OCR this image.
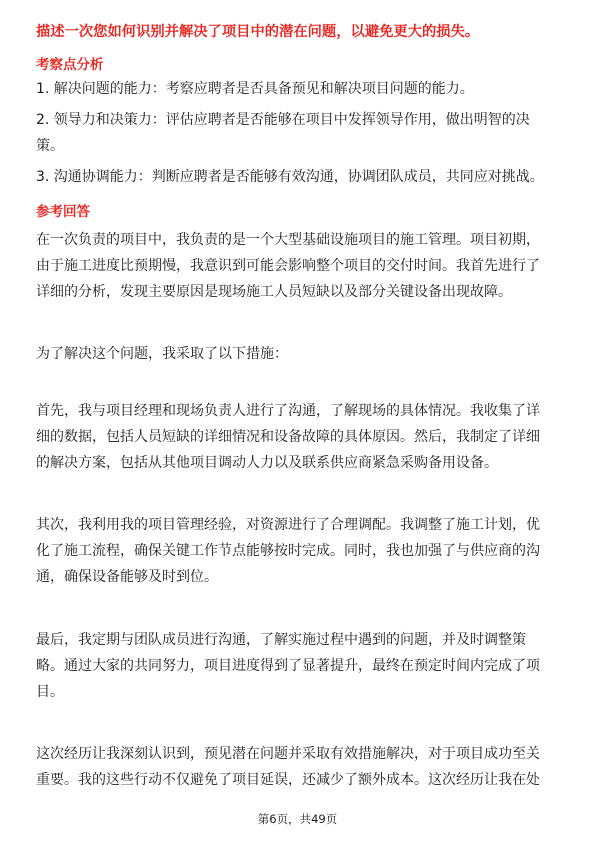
描述一次您如何识别并解决了项目中的潜在问题，以避免更大的损失。
考察点分析
1. 解决问题的能力：考察应聘者是否具备预见和解决项目问题的能力。
2. 领导力和决策力：评估应聘者是否能够在项目中发挥领导作用，做出明智的决
策。
3. 沟通协调能力：判断应聘者是否能够有效沟通，协调团队成员，共同应对挑战。
参考回答
在一次负责的项目中，我负责的是一个大型基础设施项目的施工管理。项目初期，
由于施工进度比预期慢，我意识到可能会影响整个项目的交付时间。我首先进行了
详细的分析，发现主要原因是现场施工人员短缺以及部分关键设备出现故障。
为了解决这个问题，我采取了以下措施：
首先，我与项目经理和现场负责人进行了沟通，了解现场的具体情况。我收集了详
细的数据，包括人员短缺的详细情况和设备故障的具体原因。然后，我制定了详细
的解决方案，包括从其他项目调动人力以及联系供应商紧急采购备用设备。
其次，我利用我的项目管理经验，对资源进行了合理调配。我调整了施工计划，优
化了施工流程，确保关键工作节点能够按时完成。同时，我也加强了与供应商的沟
通，确保设备能够及时到位。
最后，我定期与团队成员进行沟通，了解实施过程中遇到的问题，并及时调整策
略。通过大家的共同努力，项目进度得到了显著提升，最终在预定时间内完成了项
目。
这次经历让我深刻认识到，预见潜在问题并采取有效措施解决，对于项目成功至关
重要。我的这些行动不仅避免了项目延误，还减少了额外成本。这次经历让我在处
第6页，共49页
